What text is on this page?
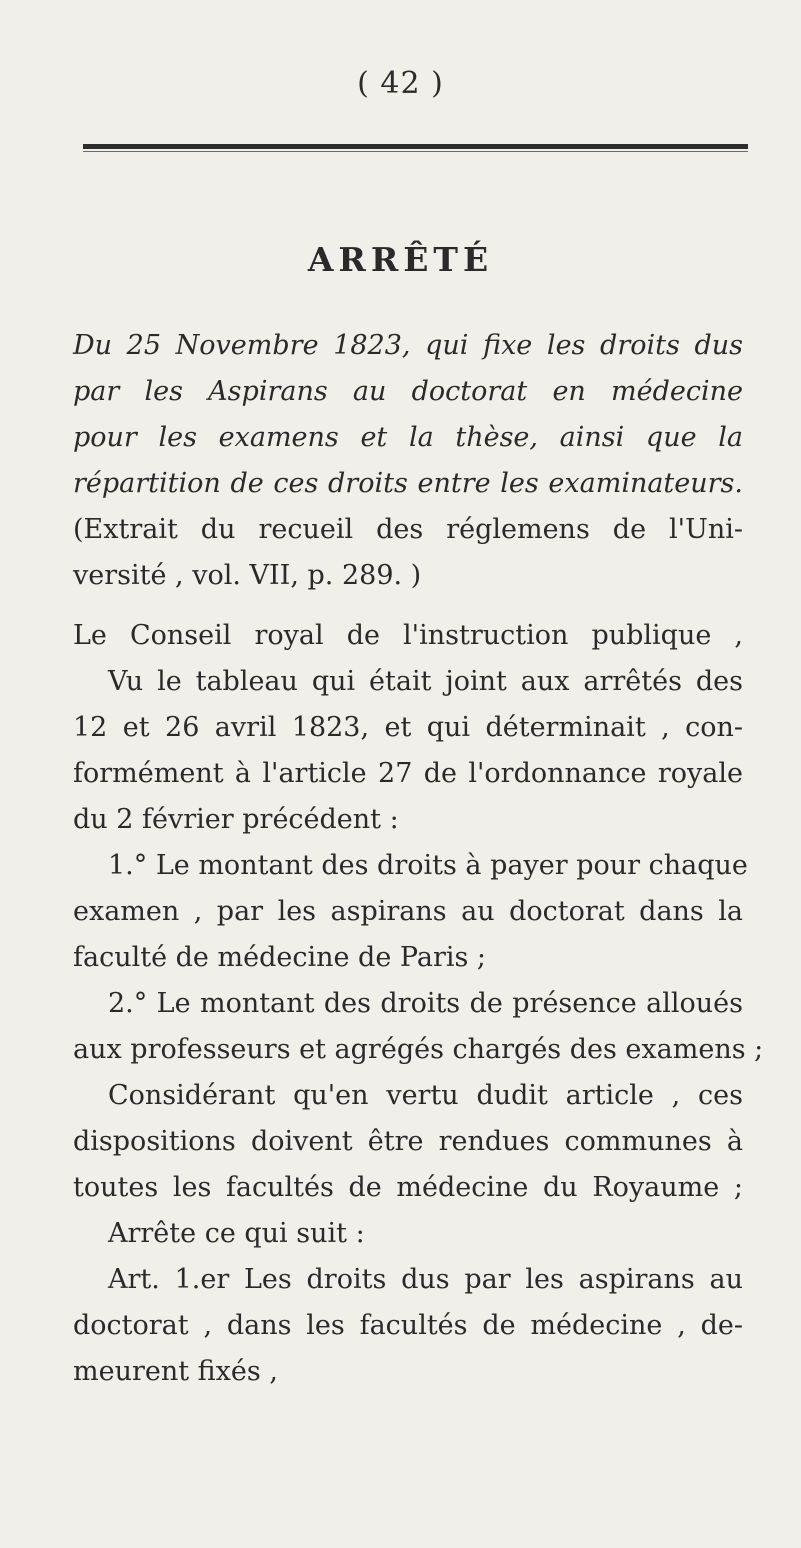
( 42 )
ARRÊTÉ
Du 25 Novembre 1823, qui fixe les droits dus
par les Aspirans au doctorat en médecine
pour les examens et la thèse, ainsi que la
répartition de ces droits entre les examinateurs.
(Extrait du recueil des réglemens de l'Uni-
versité , vol. VII, p. 289. )
Le Conseil royal de l'instruction publique ,
Vu le tableau qui était joint aux arrêtés des
12 et 26 avril 1823, et qui déterminait , con-
formément à l'article 27 de l'ordonnance royale
du 2 février précédent :
1.° Le montant des droits à payer pour chaque
examen , par les aspirans au doctorat dans la
faculté de médecine de Paris ;
2.° Le montant des droits de présence alloués
aux professeurs et agrégés chargés des examens ;
Considérant qu'en vertu dudit article , ces
dispositions doivent être rendues communes à
toutes les facultés de médecine du Royaume ;
Arrête ce qui suit :
Art. 1.er Les droits dus par les aspirans au
doctorat , dans les facultés de médecine , de-
meurent fixés ,
